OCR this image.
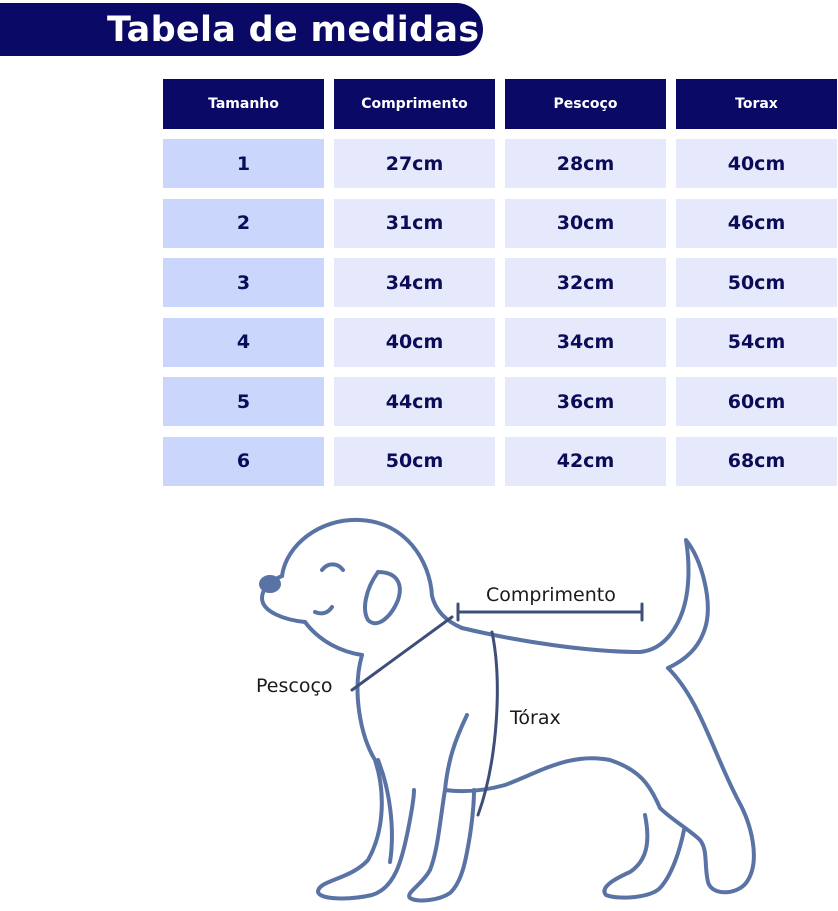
Tabela de medidas
Tamanho	Comprimento	Pescoço	Torax
1	27cm	28cm	40cm
2	31cm	30cm	46cm
3	34cm	32cm	50cm
4	40cm	34cm	54cm
5	44cm	36cm	60cm
6	50cm	42cm	68cm
Comprimento
Pescoço
Tórax
